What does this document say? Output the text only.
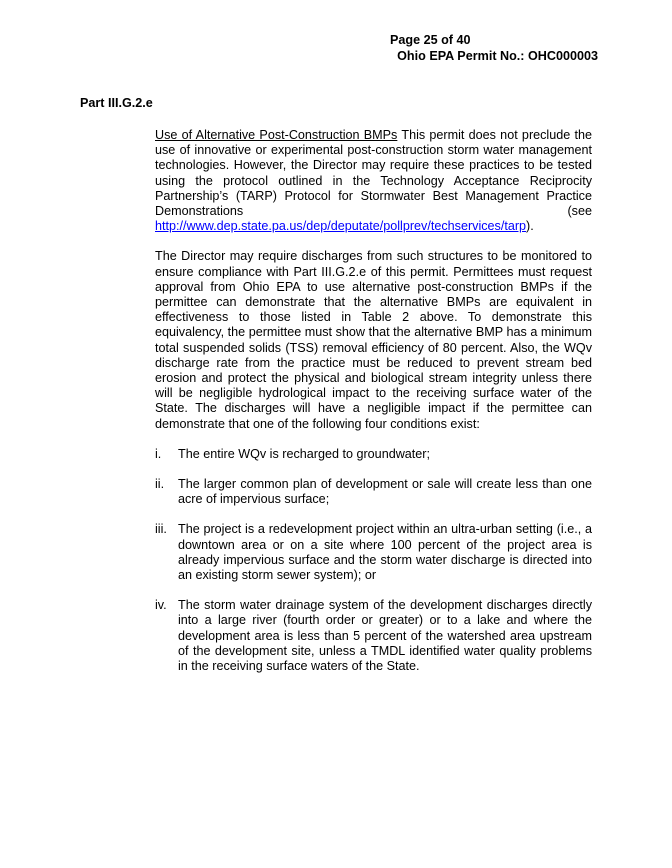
Page 25 of 40
Ohio EPA Permit No.: OHC000003
Part III.G.2.e

Use of Alternative Post-Construction BMPs This permit does not preclude the use of innovative or experimental post-construction storm water management technologies. However, the Director may require these practices to be tested using the protocol outlined in the Technology Acceptance Reciprocity Partnership’s (TARP) Protocol for Stormwater Best Management Practice Demonstrations (see http://www.dep.state.pa.us/dep/deputate/pollprev/techservices/tarp).

The Director may require discharges from such structures to be monitored to ensure compliance with Part III.G.2.e of this permit. Permittees must request approval from Ohio EPA to use alternative post-construction BMPs if the permittee can demonstrate that the alternative BMPs are equivalent in effectiveness to those listed in Table 2 above. To demonstrate this equivalency, the permittee must show that the alternative BMP has a minimum total suspended solids (TSS) removal efficiency of 80 percent. Also, the WQv discharge rate from the practice must be reduced to prevent stream bed erosion and protect the physical and biological stream integrity unless there will be negligible hydrological impact to the receiving surface water of the State. The discharges will have a negligible impact if the permittee can demonstrate that one of the following four conditions exist:

i.	The entire WQv is recharged to groundwater;
ii.	The larger common plan of development or sale will create less than one acre of impervious surface;
iii. The project is a redevelopment project within an ultra-urban setting (i.e., a downtown area or on a site where 100 percent of the project area is already impervious surface and the storm water discharge is directed into an existing storm sewer system); or
iv. The storm water drainage system of the development discharges directly into a large river (fourth order or greater) or to a lake and where the development area is less than 5 percent of the watershed area upstream of the development site, unless a TMDL identified water quality problems in the receiving surface waters of the State.
